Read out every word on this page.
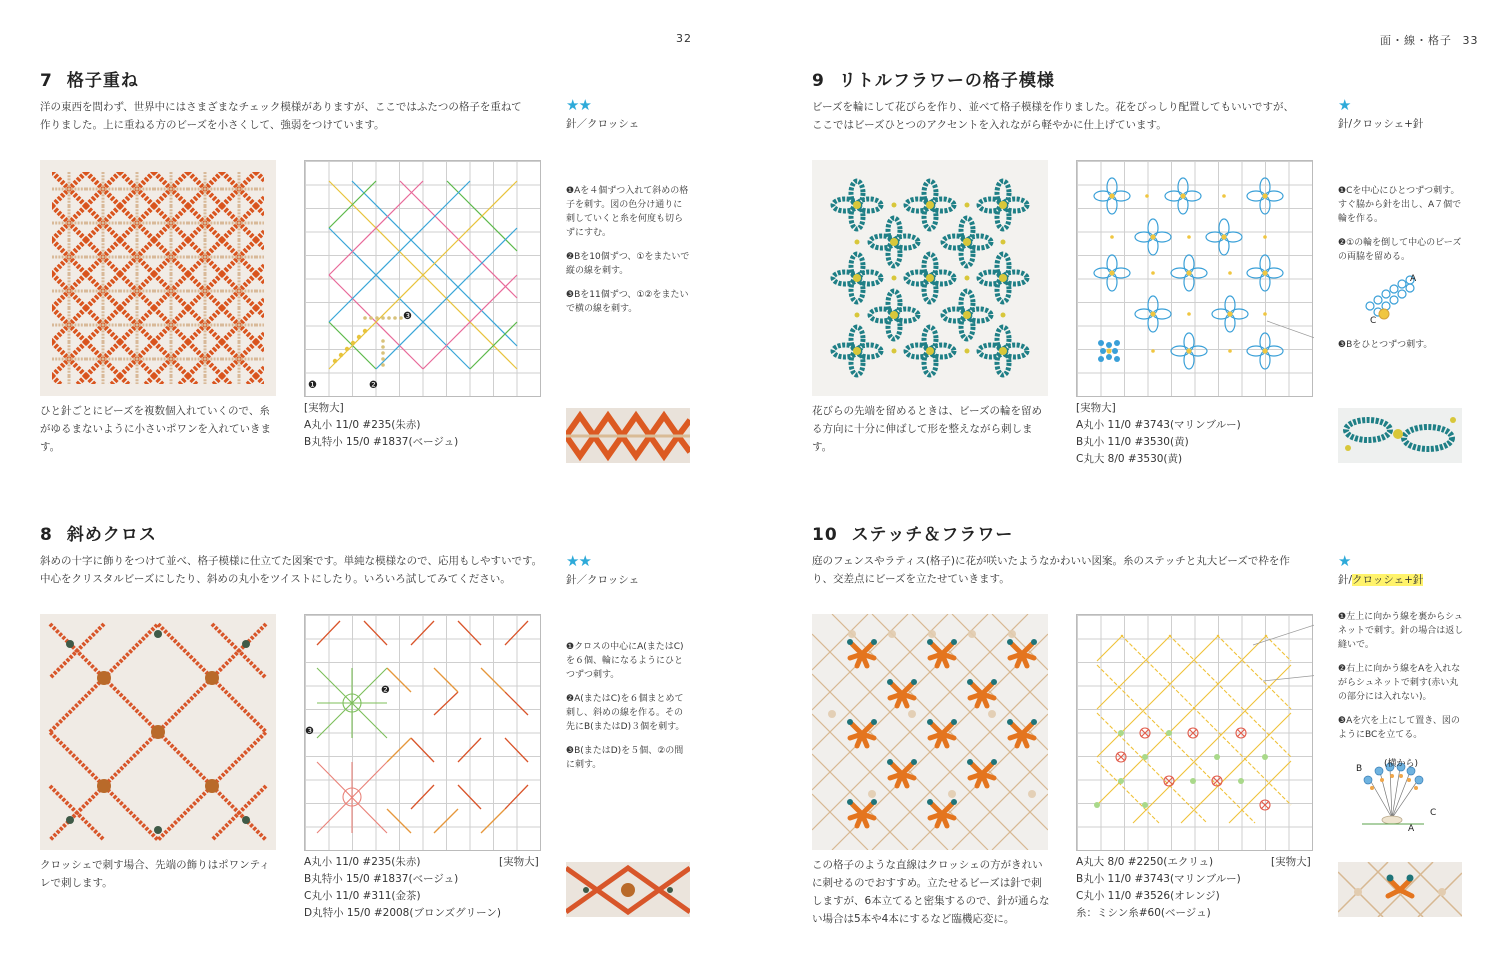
32	面・線・格子 33
7 格子重ね
洋の東西を問わず、世界中にはさまざまなチェック模様がありますが、ここではふたつの格子を重ねて
作りました。上に重ねる方のビーズを小さくして、強弱をつけています。
★★
針／クロッシェ
❶	❷
❸

❶Aを４個ずつ入れて斜めの格子を刺す。図の色分け通りに刺していくと糸を何度も切らずにすむ。

❷Bを10個ずつ、①をまたいで縦の線を刺す。

❸Bを11個ずつ、①②をまたいで横の線を刺す。

ひと針ごとにビーズを複数個入れていくので、糸がゆるまないように小さいポワンを入れていきます。
[実物大]
A丸小 11/0 #235(朱赤)
B丸特小 15/0 #1837(ベージュ)
8 斜めクロス
斜めの十字に飾りをつけて並べ、格子模様に仕立てた図案です。単純な模様なので、応用もしやすいです。
中心をクリスタルビーズにしたり、斜めの丸小をツイストにしたり。いろいろ試してみてください。
★★
針／クロッシェ
❷
❸

❶クロスの中心にA(またはC)を６個、輪になるようにひとつずつ刺す。

❷A(またはC)を６個まとめて刺し、斜めの線を作る。その先にB(またはD)３個を刺す。

❸B(またはD)を５個、②の間に刺す。

クロッシェで刺す場合、先端の飾りはポワンティレで刺します。
A丸小 11/0 #235(朱赤)
B丸特小 15/0 #1837(ベージュ)
C丸小 11/0 #311(金茶)
D丸特小 15/0 #2008(ブロンズグリーン)
[実物大]
9 リトルフラワーの格子模様
ビーズを輪にして花びらを作り、並べて格子模様を作りました。花をびっしり配置してもいいですが、
ここではビーズひとつのアクセントを入れながら軽やかに仕上げています。
★
針/クロッシェ+針

❶Cを中心にひとつずつ刺す。すぐ脇から針を出し、A７個で輪を作る。

❷①の輪を倒して中心のビーズの両脇を留める。

A
C
❸Bをひとつずつ刺す。
花びらの先端を留めるときは、ビーズの輪を留める方向に十分に伸ばして形を整えながら刺します。
[実物大]
A丸小 11/0 #3743(マリンブルー)
B丸小 11/0 #3530(黄)
C丸大 8/0 #3530(黄)
10 ステッチ＆フラワー
庭のフェンスやラティス(格子)に花が咲いたようなかわいい図案。糸のステッチと丸大ビーズで枠を作
り、交差点にビーズを立たせていきます。
★
針/クロッシェ+針

❶左上に向かう線を裏からシュネットで刺す。針の場合は返し縫いで。

❷右上に向かう線をAを入れながらシュネットで刺す(赤い丸の部分には入れない)。

❸Aを穴を上にして置き、図のようにBCを立てる。

(横から)
B
C
A
この格子のような直線はクロッシェの方がきれいに刺せるのでおすすめ。立たせるビーズは針で刺しますが、6本立てると密集するので、針が通らない場合は5本や4本にするなど臨機応変に。
A丸大 8/0 #2250(エクリュ)
B丸小 11/0 #3743(マリンブルー)
C丸小 11/0 #3526(オレンジ)
糸：ミシン糸#60(ベージュ)
[実物大]
